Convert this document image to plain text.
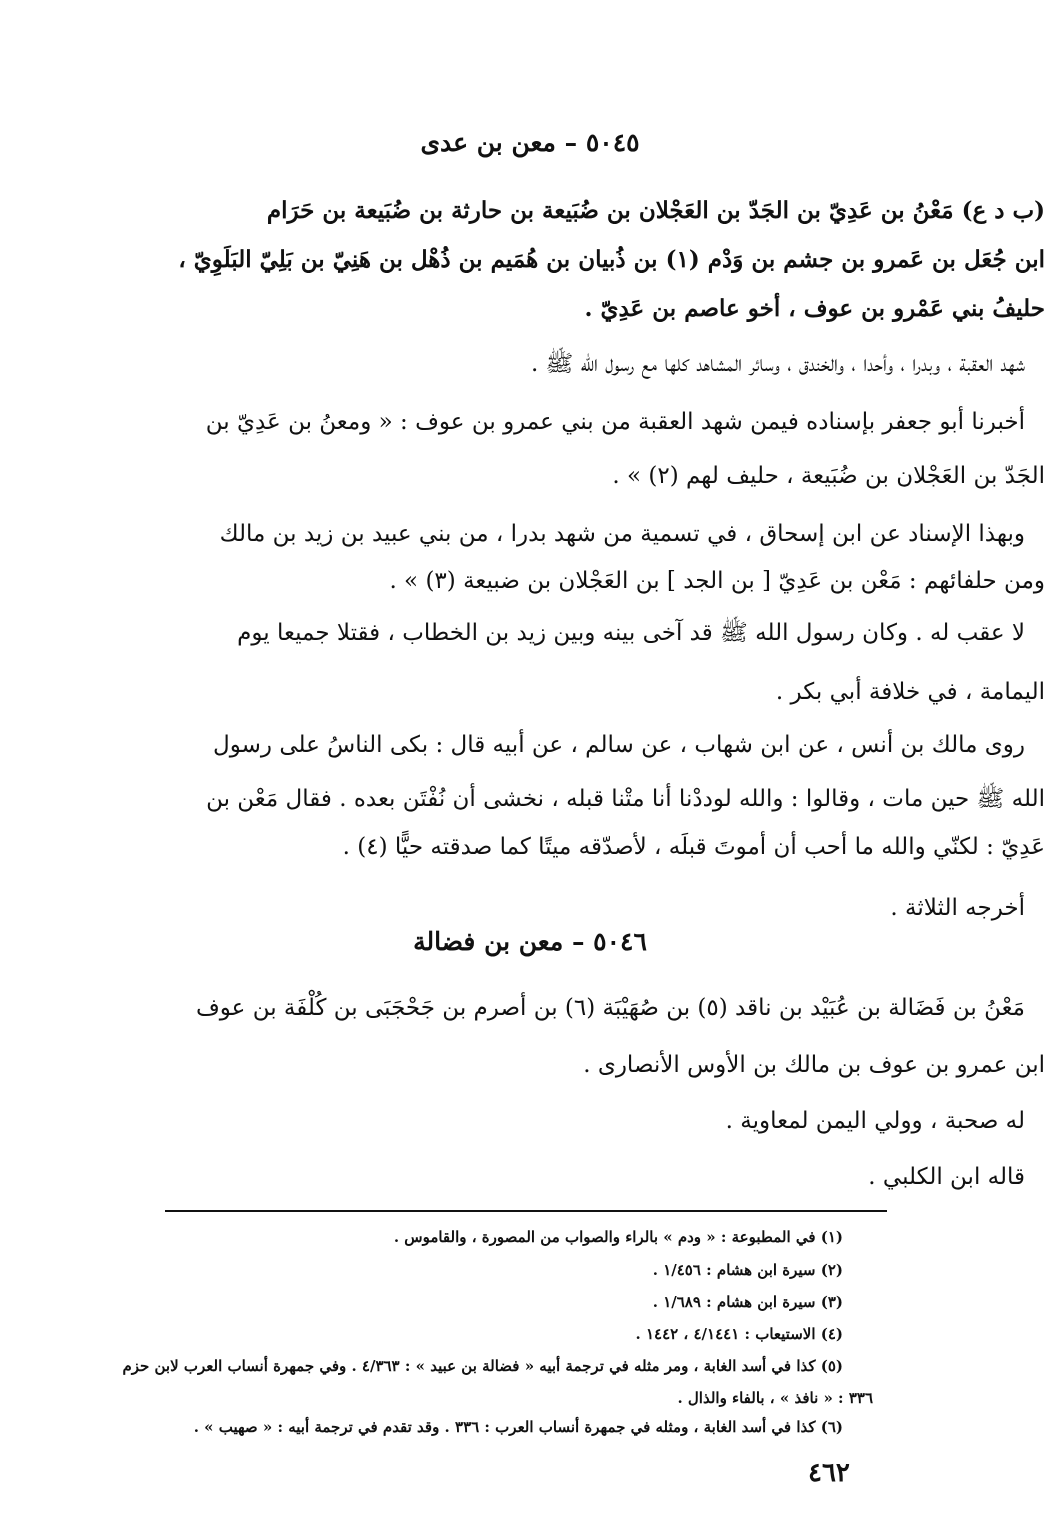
٥٠٤٥ – معن بن عدى
(ب د ع) مَعْنُ بن عَدِيّ بن الجَدّ بن العَجْلان بن ضُبَيعة بن حارثة بن ضُبَيعة بن حَرَام
ابن جُعَل بن عَمرو بن جشم بن وَدْم (١) بن ذُبيان بن هُمَيم بن ذُهْل بن هَنِيّ بن بَلِيّ البَلَوِيّ ،
حليفُ بني عَمْرو بن عوف ، أخو عاصم بن عَدِيّ .
شهد العقبة ، وبدرا ، وأحدا ، والخندق ، وسائر المشاهد كلها مع رسول الله ﷺ .
أخبرنا أبو جعفر بإسناده فيمن شهد العقبة من بني عمرو بن عوف : « ومعنُ بن عَدِيّ بن
الجَدّ بن العَجْلان بن ضُبَيعة ، حليف لهم (٢) » .
وبهذا الإسناد عن ابن إسحاق ، في تسمية من شهد بدرا ، من بني عبيد بن زيد بن مالك
ومن حلفائهم : مَعْن بن عَدِيّ [ بن الجد ] بن العَجْلان بن ضبيعة (٣) » .
لا عقب له . وكان رسول الله ﷺ قد آخى بينه وبين زيد بن الخطاب ، فقتلا جميعا يوم
اليمامة ، في خلافة أبي بكر .
روى مالك بن أنس ، عن ابن شهاب ، عن سالم ، عن أبيه قال : بكى الناسُ على رسول
الله ﷺ حين مات ، وقالوا : والله لوددْنا أنا متْنا قبله ، نخشى أن نُفْتَن بعده . فقال مَعْن بن
عَدِيّ : لكنّي والله ما أحب أن أموتَ قبلَه ، لأصدّقه ميتًا كما صدقته حيًّا (٤) .
أخرجه الثلاثة .
٥٠٤٦ – معن بن فضالة
مَعْنُ بن فَضَالة بن عُبَيْد بن ناقد (٥) بن صُهَيْبَة (٦) بن أصرم بن جَحْجَبَى بن كُلْفَة بن عوف
ابن عمرو بن عوف بن مالك بن الأوس الأنصارى .
له صحبة ، وولي اليمن لمعاوية .
قاله ابن الكلبي .
(١) في المطبوعة : « ودم » بالراء والصواب من المصورة ، والقاموس .
(٢) سيرة ابن هشام : ١/٤٥٦ .
(٣) سيرة ابن هشام : ١/٦٨٩ .
(٤) الاستيعاب : ٤/١٤٤١ ، ١٤٤٢ .
(٥) كذا في أسد الغابة ، ومر مثله في ترجمة أبيه « فضالة بن عبيد » : ٤/٣٦٣ . وفي جمهرة أنساب العرب لابن حزم
٣٣٦ : « نافذ » ، بالفاء والذال .
(٦) كذا في أسد الغابة ، ومثله في جمهرة أنساب العرب : ٣٣٦ . وقد تقدم في ترجمة أبيه : « صهيب » .
٤٦٢
